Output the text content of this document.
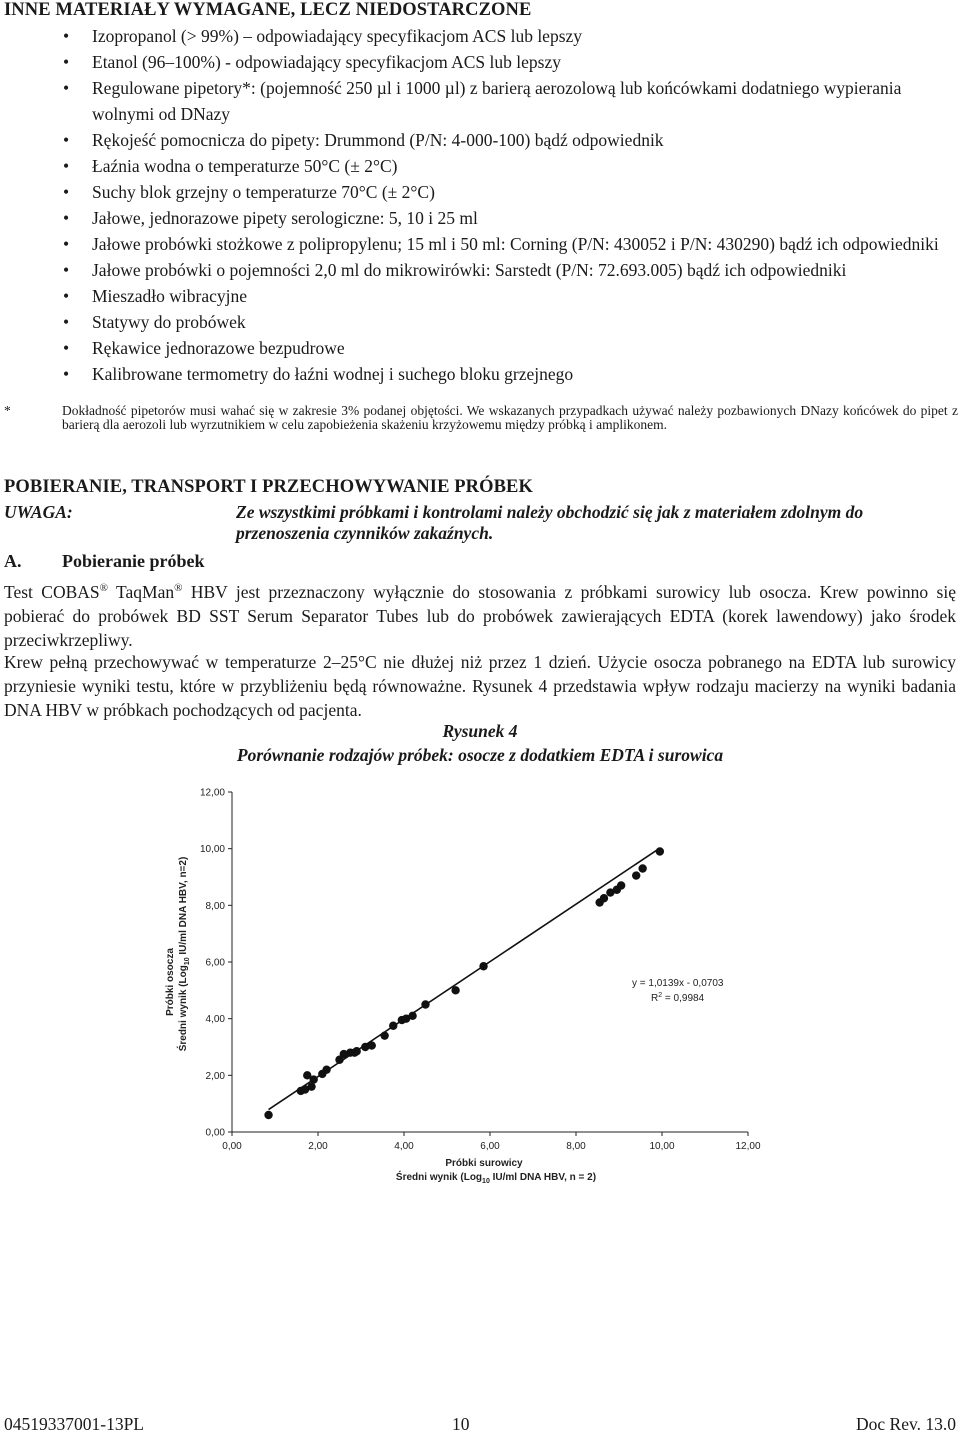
INNE MATERIAŁY WYMAGANE, LECZ NIEDOSTARCZONE
• Izopropanol (> 99%) – odpowiadający specyfikacjom ACS lub lepszy
• Etanol (96–100%) - odpowiadający specyfikacjom ACS lub lepszy
• Regulowane pipetory*: (pojemność 250 µl i 1000 µl) z barierą aerozolową lub końcówkami dodatniego wypierania wolnymi od DNazy
• Rękojeść pomocnicza do pipety: Drummond (P/N: 4-000-100) bądź odpowiednik
• Łaźnia wodna o temperaturze 50°C (± 2°C)
• Suchy blok grzejny o temperaturze 70°C (± 2°C)
• Jałowe, jednorazowe pipety serologiczne: 5, 10 i 25 ml
• Jałowe probówki stożkowe z polipropylenu; 15 ml i 50 ml: Corning (P/N: 430052 i P/N: 430290) bądź ich odpowiedniki
• Jałowe probówki o pojemności 2,0 ml do mikrowirówki: Sarstedt (P/N: 72.693.005) bądź ich odpowiedniki
• Mieszadło wibracyjne
• Statywy do probówek
• Rękawice jednorazowe bezpudrowe
• Kalibrowane termometry do łaźni wodnej i suchego bloku grzejnego
*	Dokładność pipetorów musi wahać się w zakresie 3% podanej objętości. We wskazanych przypadkach używać należy pozbawionych DNazy końcówek do pipet z barierą dla aerozoli lub wyrzutnikiem w celu zapobieżenia skażeniu krzyżowemu między próbką i amplikonem.
POBIERANIE, TRANSPORT I PRZECHOWYWANIE PRÓBEK
UWAGA:	Ze wszystkimi próbkami i kontrolami należy obchodzić się jak z materiałem zdolnym do przenoszenia czynników zakaźnych.
A. Pobieranie próbek

Test COBAS® TaqMan® HBV jest przeznaczony wyłącznie do stosowania z próbkami surowicy lub osocza. Krew powinno się pobierać do probówek BD SST Serum Separator Tubes lub do probówek zawierających EDTA (korek lawendowy) jako środek przeciwkrzepliwy.

Krew pełną przechowywać w temperaturze 2–25°C nie dłużej niż przez 1 dzień. Użycie osocza pobranego na EDTA lub surowicy przyniesie wyniki testu, które w przybliżeniu będą równoważne. Rysunek 4 przedstawia wpływ rodzaju macierzy na wyniki badania DNA HBV w próbkach pochodzących od pacjenta.

Rysunek 4
Porównanie rodzajów próbek: osocze z dodatkiem EDTA i surowica
0,00
2,00
4,00
6,00
8,00
10,00
12,00
0,00	2,00	4,00	6,00	8,00	10,00	12,00
y = 1,0139x - 0,0703
$R^2 = 0,9984$
Próbki surowicy
Średni wynik (Log$_{10}$ IU/ml DNA HBV, n = 2)
Próbki osocza Średni wynik (Log$_{10}$ IU/ml DNA HBV, n=2)
04519337001-13PL	10	Doc Rev. 13.0
